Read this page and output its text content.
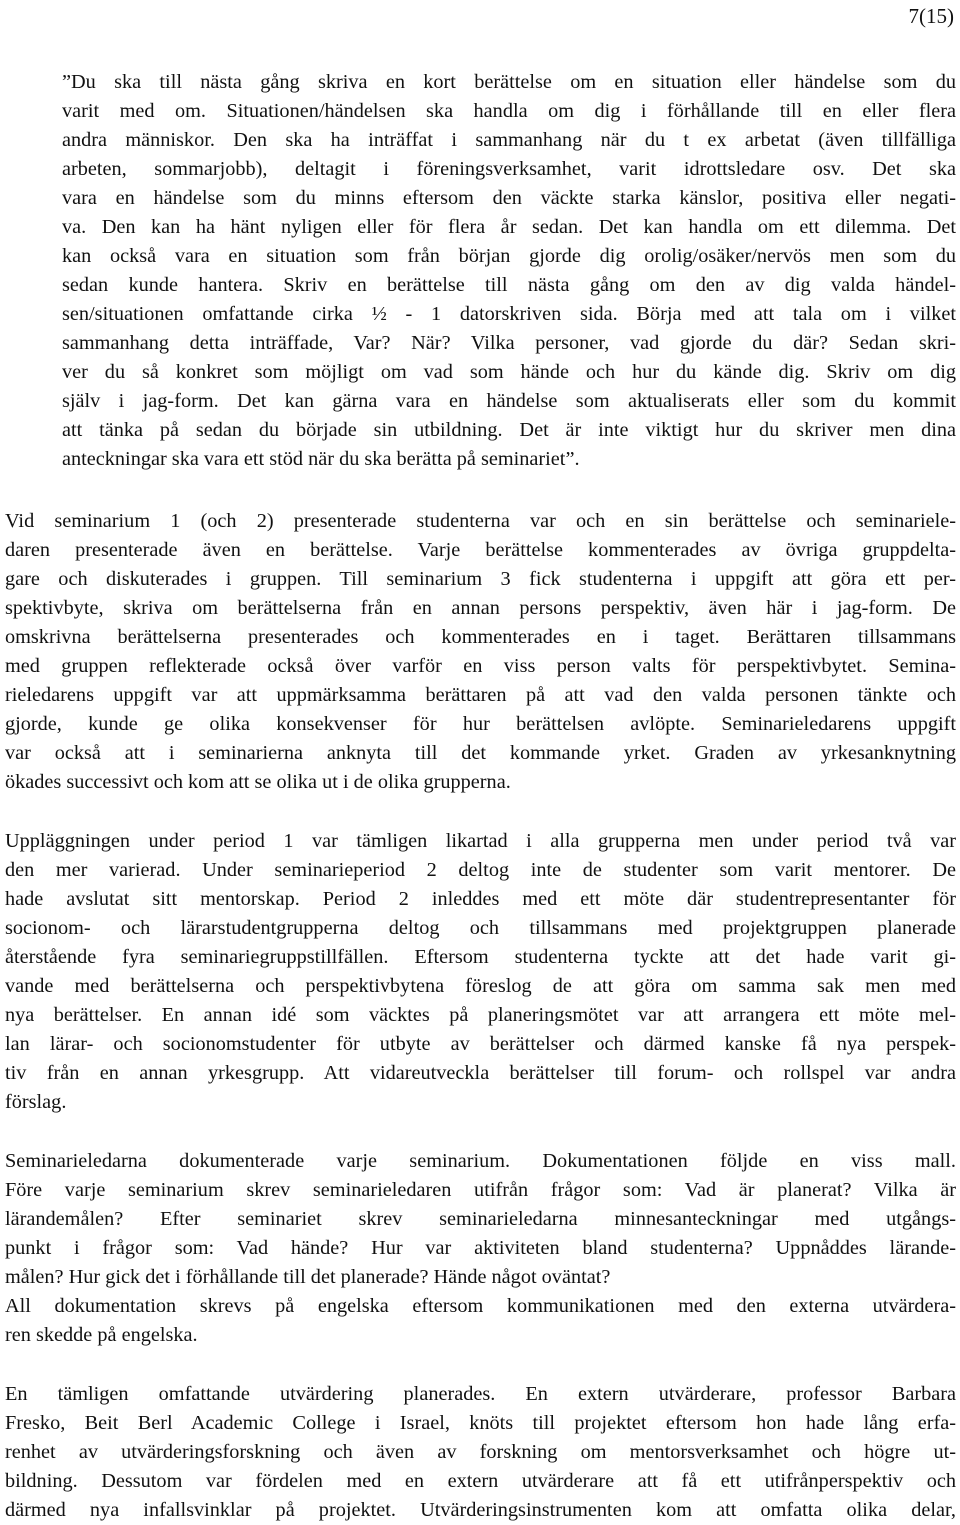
7(15)
”Du ska till nästa gång skriva en kort berättelse om en situation eller händelse som du
varit med om. Situationen/händelsen ska handla om dig i förhållande till en eller flera
andra människor. Den ska ha inträffat i sammanhang när du t ex arbetat (även tillfälliga
arbeten, sommarjobb), deltagit i föreningsverksamhet, varit idrottsledare osv. Det ska
vara en händelse som du minns eftersom den väckte starka känslor, positiva eller negati-
va. Den kan ha hänt nyligen eller för flera år sedan. Det kan handla om ett dilemma. Det
kan också vara en situation som från början gjorde dig orolig/osäker/nervös men som du
sedan kunde hantera. Skriv en berättelse till nästa gång om den av dig valda händel-
sen/situationen omfattande cirka ½ - 1 datorskriven sida. Börja med att tala om i vilket
sammanhang detta inträffade, Var? När? Vilka personer, vad gjorde du där? Sedan skri-
ver du så konkret som möjligt om vad som hände och hur du kände dig. Skriv om dig
själv i jag-form. Det kan gärna vara en händelse som aktualiserats eller som du kommit
att tänka på sedan du började sin utbildning. Det är inte viktigt hur du skriver men dina
anteckningar ska vara ett stöd när du ska berätta på seminariet”.
Vid seminarium 1 (och 2) presenterade studenterna var och en sin berättelse och seminariele-
daren presenterade även en berättelse. Varje berättelse kommenterades av övriga gruppdelta-
gare och diskuterades i gruppen. Till seminarium 3 fick studenterna i uppgift att göra ett per-
spektivbyte, skriva om berättelserna från en annan persons perspektiv, även här i jag-form. De
omskrivna berättelserna presenterades och kommenterades en i taget. Berättaren tillsammans
med gruppen reflekterade också över varför en viss person valts för perspektivbytet. Semina-
rieledarens uppgift var att uppmärksamma berättaren på att vad den valda personen tänkte och
gjorde, kunde ge olika konsekvenser för hur berättelsen avlöpte. Seminarieledarens uppgift
var också att i seminarierna anknyta till det kommande yrket. Graden av yrkesanknytning
ökades successivt och kom att se olika ut i de olika grupperna.
Uppläggningen under period 1 var tämligen likartad i alla grupperna men under period två var
den mer varierad. Under seminarieperiod 2 deltog inte de studenter som varit mentorer. De
hade avslutat sitt mentorskap. Period 2 inleddes med ett möte där studentrepresentanter för
socionom- och lärarstudentgrupperna deltog och tillsammans med projektgruppen planerade
återstående fyra seminariegruppstillfällen. Eftersom studenterna tyckte att det hade varit gi-
vande med berättelserna och perspektivbytena föreslog de att göra om samma sak men med
nya berättelser. En annan idé som väcktes på planeringsmötet var att arrangera ett möte mel-
lan lärar- och socionomstudenter för utbyte av berättelser och därmed kanske få nya perspek-
tiv från en annan yrkesgrupp. Att vidareutveckla berättelser till forum- och rollspel var andra
förslag.
Seminarieledarna dokumenterade varje seminarium. Dokumentationen följde en viss mall.
Före varje seminarium skrev seminarieledaren utifrån frågor som: Vad är planerat? Vilka är
lärandemålen? Efter seminariet skrev seminarieledarna minnesanteckningar med utgångs-
punkt i frågor som: Vad hände? Hur var aktiviteten bland studenterna? Uppnåddes lärande-
målen? Hur gick det i förhållande till det planerade? Hände något oväntat?
All dokumentation skrevs på engelska eftersom kommunikationen med den externa utvärdera-
ren skedde på engelska.
En tämligen omfattande utvärdering planerades. En extern utvärderare, professor Barbara
Fresko, Beit Berl Academic College i Israel, knöts till projektet eftersom hon hade lång erfa-
renhet av utvärderingsforskning och även av forskning om mentorsverksamhet och högre ut-
bildning. Dessutom var fördelen med en extern utvärderare att få ett utifrånperspektiv och
därmed nya infallsvinklar på projektet. Utvärderingsinstrumenten kom att omfatta olika delar,
